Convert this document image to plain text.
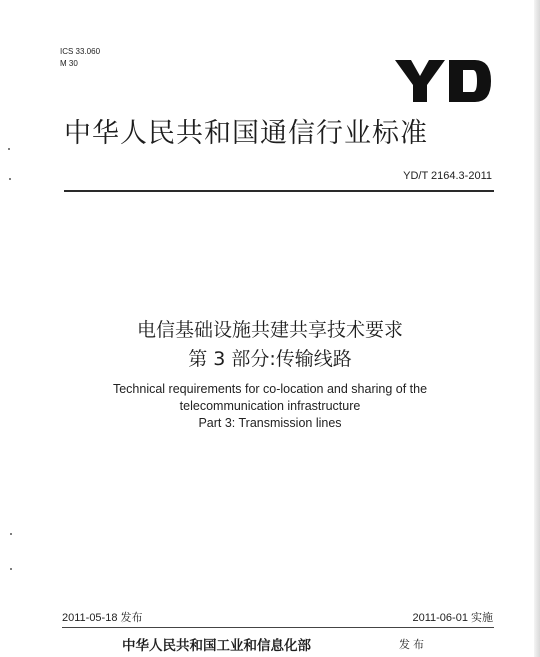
ICS 33.060
M 30
中华人民共和国通信行业标准
YD/T 2164.3-2011
电信基础设施共建共享技术要求
第 3 部分:传输线路
Technical requirements for co-location and sharing of the
telecommunication infrastructure
Part 3: Transmission lines
2011-05-18 发布	2011-06-01 实施
中华人民共和国工业和信息化部	发布
